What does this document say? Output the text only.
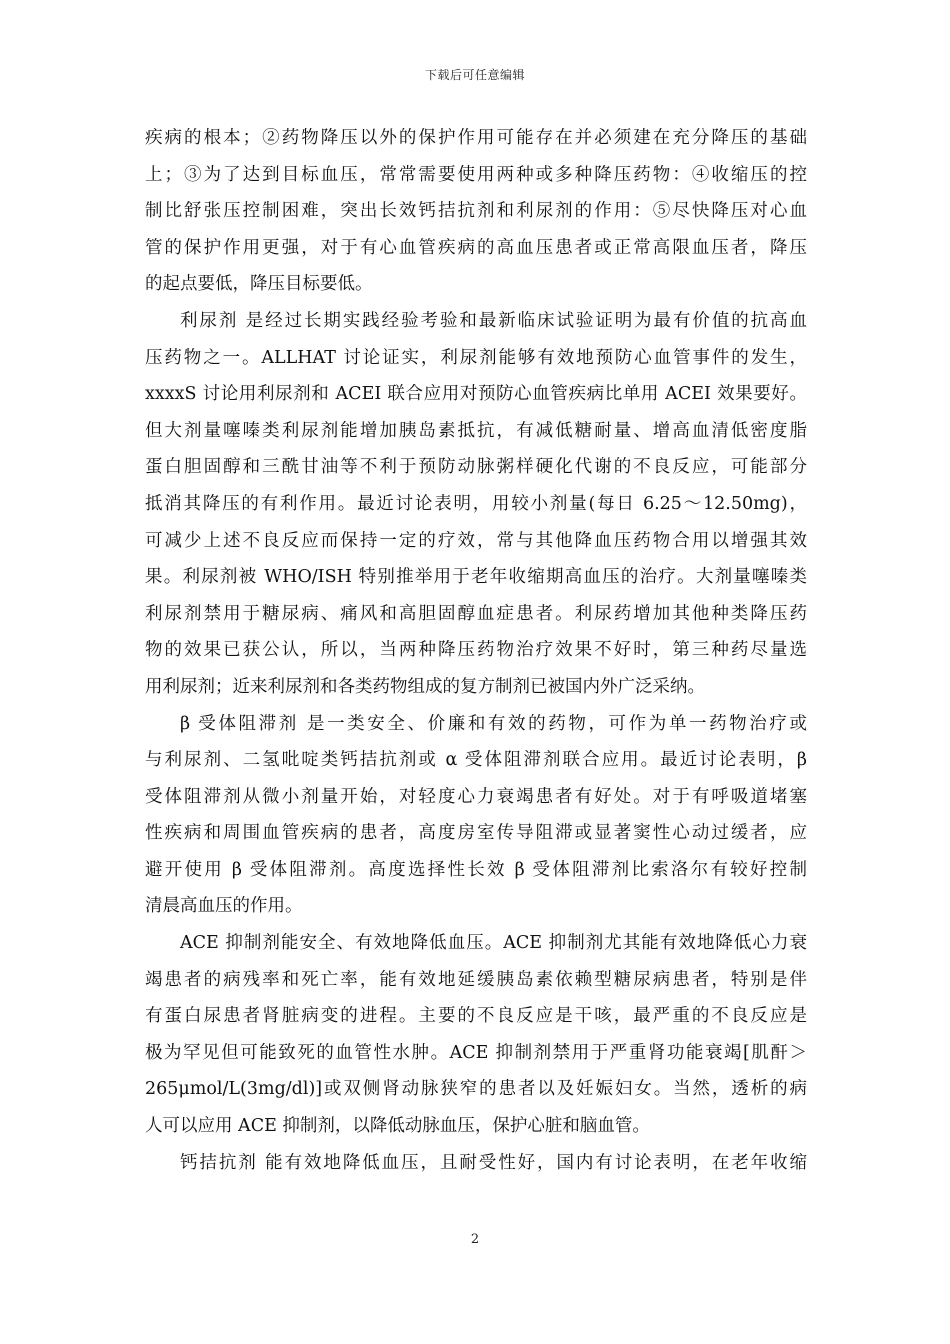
下载后可任意编辑
疾病的根本；②药物降压以外的保护作用可能存在并必须建在充分降压的基础
上；③为了达到目标血压，常常需要使用两种或多种降压药物：④收缩压的控
制比舒张压控制困难，突出长效钙拮抗剂和利尿剂的作用：⑤尽快降压对心血
管的保护作用更强，对于有心血管疾病的高血压患者或正常高限血压者，降压
的起点要低，降压目标要低。
利尿剂 是经过长期实践经验考验和最新临床试验证明为最有价值的抗高血
压药物之一。ALLHAT 讨论证实，利尿剂能够有效地预防心血管事件的发生，
xxxxS 讨论用利尿剂和 ACEI 联合应用对预防心血管疾病比单用 ACEI 效果要好。
但大剂量噻嗪类利尿剂能增加胰岛素抵抗，有减低糖耐量、增高血清低密度脂
蛋白胆固醇和三酰甘油等不利于预防动脉粥样硬化代谢的不良反应，可能部分
抵消其降压的有利作用。最近讨论表明，用较小剂量(每日 6.25～12.50mg)，
可减少上述不良反应而保持一定的疗效，常与其他降血压药物合用以增强其效
果。利尿剂被 WHO/ISH 特别推举用于老年收缩期高血压的治疗。大剂量噻嗪类
利尿剂禁用于糖尿病、痛风和高胆固醇血症患者。利尿药增加其他种类降压药
物的效果已获公认，所以，当两种降压药物治疗效果不好时，第三种药尽量选
用利尿剂；近来利尿剂和各类药物组成的复方制剂已被国内外广泛采纳。
β 受体阻滞剂 是一类安全、价廉和有效的药物，可作为单一药物治疗或
与利尿剂、二氢吡啶类钙拮抗剂或 α 受体阻滞剂联合应用。最近讨论表明，β
受体阻滞剂从微小剂量开始，对轻度心力衰竭患者有好处。对于有呼吸道堵塞
性疾病和周围血管疾病的患者，高度房室传导阻滞或显著窦性心动过缓者，应
避开使用 β 受体阻滞剂。高度选择性长效 β 受体阻滞剂比索洛尔有较好控制
清晨高血压的作用。
ACE 抑制剂能安全、有效地降低血压。ACE 抑制剂尤其能有效地降低心力衰
竭患者的病残率和死亡率，能有效地延缓胰岛素依赖型糖尿病患者，特别是伴
有蛋白尿患者肾脏病变的进程。主要的不良反应是干咳，最严重的不良反应是
极为罕见但可能致死的血管性水肿。ACE 抑制剂禁用于严重肾功能衰竭[肌酐＞
265μmol/L(3mg/dl)]或双侧肾动脉狭窄的患者以及妊娠妇女。当然，透析的病
人可以应用 ACE 抑制剂，以降低动脉血压，保护心脏和脑血管。
钙拮抗剂 能有效地降低血压，且耐受性好，国内有讨论表明，在老年收缩
2
